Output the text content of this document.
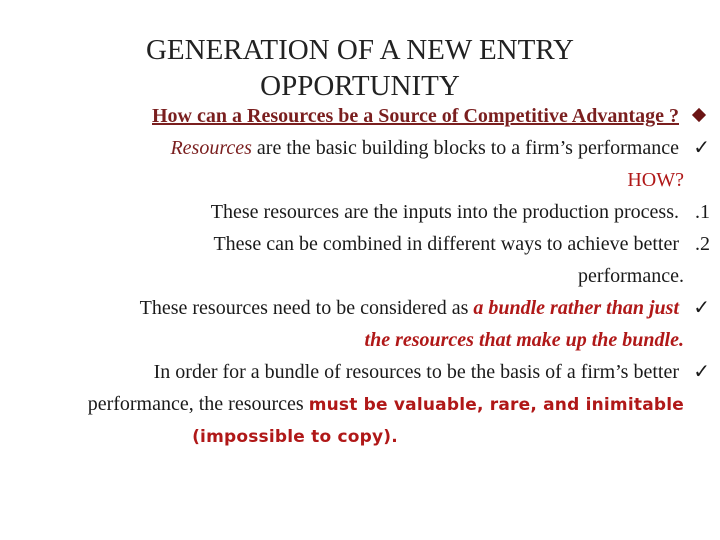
GENERATION OF A NEW ENTRY
OPPORTUNITY
How can a Resources be a Source of Competitive Advantage ?
Resources are the basic building blocks to a firm’s performance ✓
HOW?
These resources are the inputs into the production process. .1
These can be combined in different ways to achieve better .2
performance.
These resources need to be considered as a bundle rather than just ✓
the resources that make up the bundle.
In order for a bundle of resources to be the basis of a firm’s better ✓
performance, the resources must be valuable, rare, and inimitable
(impossible to copy).
